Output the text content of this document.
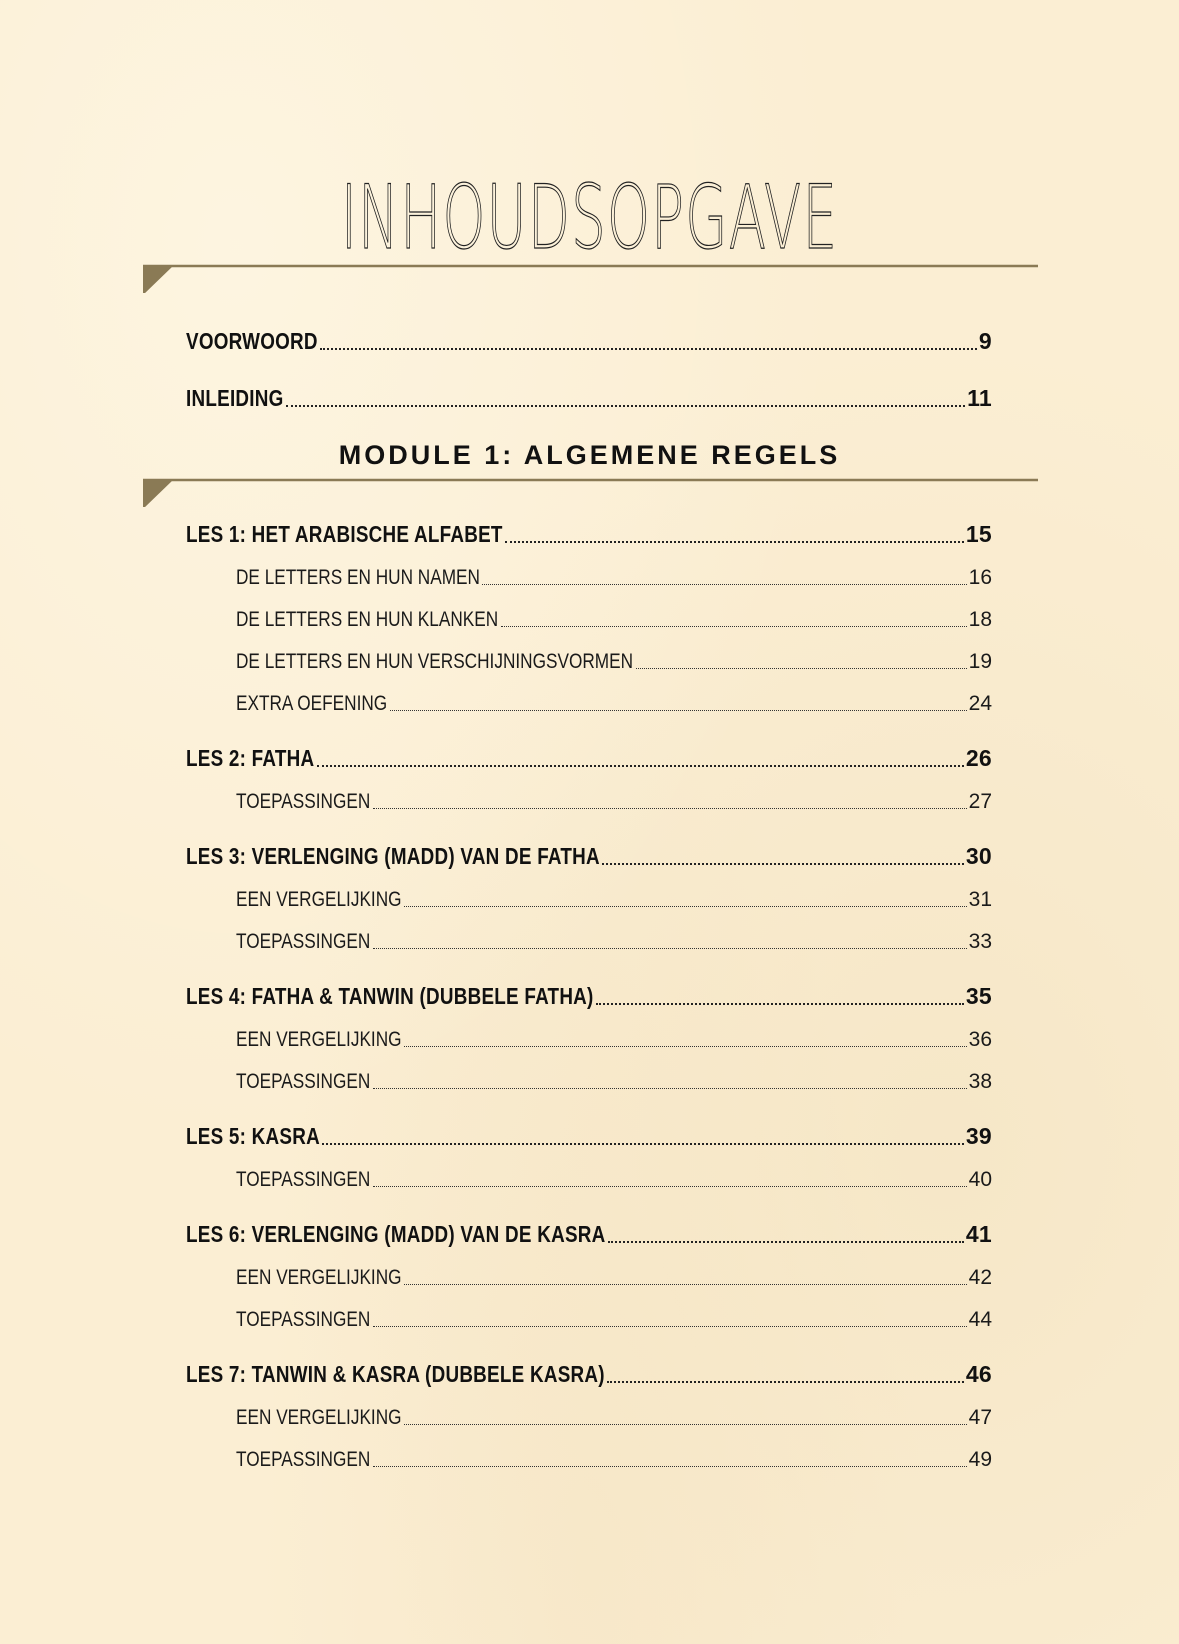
INHOUDSOPGAVE
VOORWOORD	9
INLEIDING	11
MODULE 1: ALGEMENE REGELS
LES 1: HET ARABISCHE ALFABET	15
DE LETTERS EN HUN NAMEN	16
DE LETTERS EN HUN KLANKEN	18
DE LETTERS EN HUN VERSCHIJNINGSVORMEN	19
EXTRA OEFENING	24
LES 2: FATHA	26
TOEPASSINGEN	27
LES 3: VERLENGING (MADD) VAN DE FATHA	30
EEN VERGELIJKING	31
TOEPASSINGEN	33
LES 4: FATHA & TANWIN (DUBBELE FATHA)	35
EEN VERGELIJKING	36
TOEPASSINGEN	38
LES 5: KASRA	39
TOEPASSINGEN	40
LES 6: VERLENGING (MADD) VAN DE KASRA	41
EEN VERGELIJKING	42
TOEPASSINGEN	44
LES 7: TANWIN & KASRA (DUBBELE KASRA)	46
EEN VERGELIJKING	47
TOEPASSINGEN	49
